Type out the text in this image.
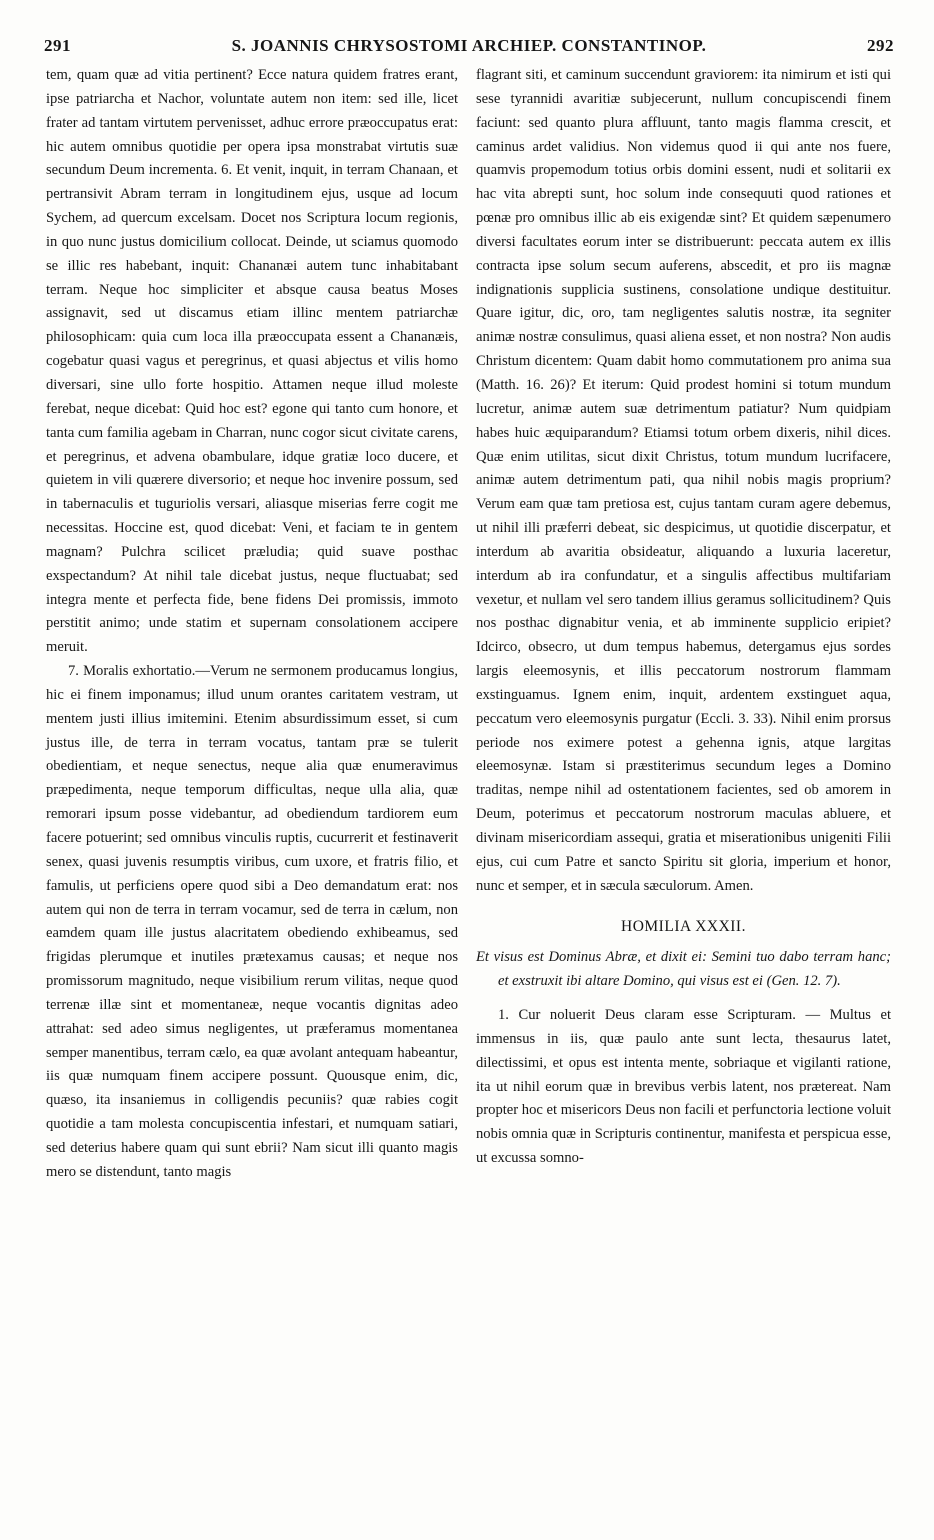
291	S. JOANNIS CHRYSOSTOMI ARCHIEP. CONSTANTINOP.	292

tem, quam quæ ad vitia pertinent? Ecce natura quidem fratres erant, ipse patriarcha et Nachor, voluntate autem non item: sed ille, licet frater ad tantam virtutem pervenisset, adhuc errore præoccupatus erat: hic autem omnibus quotidie per opera ipsa monstrabat virtutis suæ secundum Deum incrementa. 6. Et venit, inquit, in terram Chanaan, et pertransivit Abram terram in longitudinem ejus, usque ad locum Sychem, ad quercum excelsam. Docet nos Scriptura locum regionis, in quo nunc justus domicilium collocat. Deinde, ut sciamus quomodo se illic res habebant, inquit: Chananæi autem tunc inhabitabant terram. Neque hoc simpliciter et absque causa beatus Moses assignavit, sed ut discamus etiam illinc mentem patriarchæ philosophicam: quia cum loca illa præoccupata essent a Chananæis, cogebatur quasi vagus et peregrinus, et quasi abjectus et vilis homo diversari, sine ullo forte hospitio. Attamen neque illud moleste ferebat, neque dicebat: Quid hoc est? egone qui tanto cum honore, et tanta cum familia agebam in Charran, nunc cogor sicut civitate carens, et peregrinus, et advena obambulare, idque gratiæ loco ducere, et quietem in vili quærere diversorio; et neque hoc invenire possum, sed in tabernaculis et tuguriolis versari, aliasque miserias ferre cogit me necessitas. Hoccine est, quod dicebat: Veni, et faciam te in gentem magnam? Pulchra scilicet præludia; quid suave posthac exspectandum? At nihil tale dicebat justus, neque fluctuabat; sed integra mente et perfecta fide, bene fidens Dei promissis, immoto perstitit animo; unde statim et supernam consolationem accipere meruit.

7. Moralis exhortatio.—Verum ne sermonem producamus longius, hic ei finem imponamus; illud unum orantes caritatem vestram, ut mentem justi illius imitemini. Etenim absurdissimum esset, si cum justus ille, de terra in terram vocatus, tantam præ se tulerit obedientiam, et neque senectus, neque alia quæ enumeravimus præpedimenta, neque temporum difficultas, neque ulla alia, quæ remorari ipsum posse videbantur, ad obediendum tardiorem eum facere potuerint; sed omnibus vinculis ruptis, cucurrerit et festinaverit senex, quasi juvenis resumptis viribus, cum uxore, et fratris filio, et famulis, ut perficiens opere quod sibi a Deo demandatum erat: nos autem qui non de terra in terram vocamur, sed de terra in cælum, non eamdem quam ille justus alacritatem obediendo exhibeamus, sed frigidas plerumque et inutiles prætexamus causas; et neque nos promissorum magnitudo, neque visibilium rerum vilitas, neque quod terrenæ illæ sint et momentaneæ, neque vocantis dignitas adeo attrahat: sed adeo simus negligentes, ut præferamus momentanea semper manentibus, terram cælo, ea quæ avolant antequam habeantur, iis quæ numquam finem accipere possunt. Quousque enim, dic, quæso, ita insaniemus in colligendis pecuniis? quæ rabies cogit quotidie a tam molesta concupiscentia infestari, et numquam satiari, sed deterius habere quam qui sunt ebrii? Nam sicut illi quanto magis mero se distendunt, tanto magis

flagrant siti, et caminum succendunt graviorem: ita nimirum et isti qui sese tyrannidi avaritiæ subjecerunt, nullum concupiscendi finem faciunt: sed quanto plura affluunt, tanto magis flamma crescit, et caminus ardet validius. Non videmus quod ii qui ante nos fuere, quamvis propemodum totius orbis domini essent, nudi et solitarii ex hac vita abrepti sunt, hoc solum inde consequuti quod rationes et pœnæ pro omnibus illic ab eis exigendæ sint? Et quidem sæpenumero diversi facultates eorum inter se distribuerunt: peccata autem ex illis contracta ipse solum secum auferens, abscedit, et pro iis magnæ indignationis supplicia sustinens, consolatione undique destituitur. Quare igitur, dic, oro, tam negligentes salutis nostræ, ita segniter animæ nostræ consulimus, quasi aliena esset, et non nostra? Non audis Christum dicentem: Quam dabit homo commutationem pro anima sua (Matth. 16. 26)? Et iterum: Quid prodest homini si totum mundum lucretur, animæ autem suæ detrimentum patiatur? Num quidpiam habes huic æquiparandum? Etiamsi totum orbem dixeris, nihil dices. Quæ enim utilitas, sicut dixit Christus, totum mundum lucrifacere, animæ autem detrimentum pati, qua nihil nobis magis proprium? Verum eam quæ tam pretiosa est, cujus tantam curam agere debemus, ut nihil illi præferri debeat, sic despicimus, ut quotidie discerpatur, et interdum ab avaritia obsideatur, aliquando a luxuria laceretur, interdum ab ira confundatur, et a singulis affectibus multifariam vexetur, et nullam vel sero tandem illius geramus sollicitudinem? Quis nos posthac dignabitur venia, et ab imminente supplicio eripiet? Idcirco, obsecro, ut dum tempus habemus, detergamus ejus sordes largis eleemosynis, et illis peccatorum nostrorum flammam exstinguamus. Ignem enim, inquit, ardentem exstinguet aqua, peccatum vero eleemosynis purgatur (Eccli. 3. 33). Nihil enim prorsus periode nos eximere potest a gehenna ignis, atque largitas eleemosynæ. Istam si præstiterimus secundum leges a Domino traditas, nempe nihil ad ostentationem facientes, sed ob amorem in Deum, poterimus et peccatorum nostrorum maculas abluere, et divinam misericordiam assequi, gratia et miserationibus unigeniti Filii ejus, cui cum Patre et sancto Spiritu sit gloria, imperium et honor, nunc et semper, et in sæcula sæculorum. Amen.

HOMILIA XXXII.

Et visus est Dominus Abræ, et dixit ei: Semini tuo dabo terram hanc; et exstruxit ibi altare Domino, qui visus est ei (Gen. 12. 7).

1. Cur noluerit Deus claram esse Scripturam. — Multus et immensus in iis, quæ paulo ante sunt lecta, thesaurus latet, dilectissimi, et opus est intenta mente, sobriaque et vigilanti ratione, ita ut nihil eorum quæ in brevibus verbis latent, nos prætereat. Nam propter hoc et misericors Deus non facili et perfunctoria lectione voluit nobis omnia quæ in Scripturis continentur, manifesta et perspicua esse, ut excussa somno-
